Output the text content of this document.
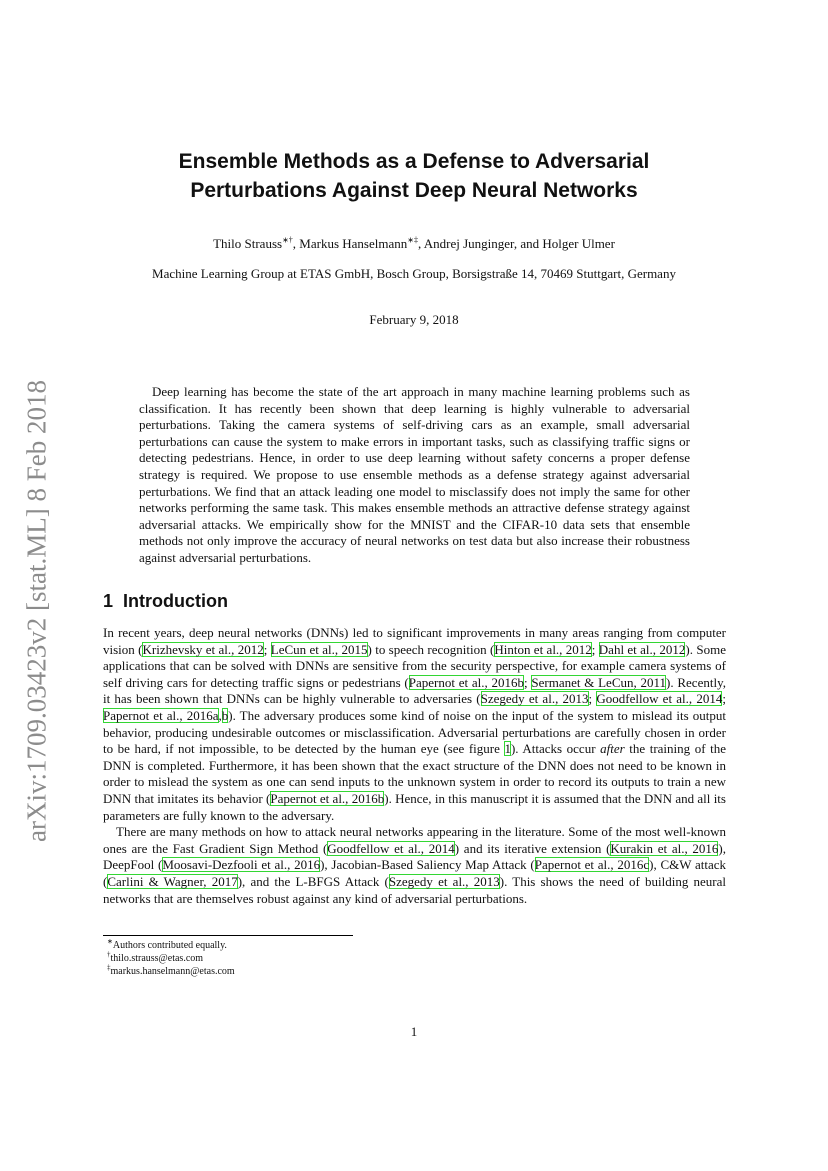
arXiv:1709.03423v2 [stat.ML] 8 Feb 2018
Ensemble Methods as a Defense to Adversarial Perturbations Against Deep Neural Networks
Thilo Strauss∗†, Markus Hanselmann∗‡, Andrej Junginger, and Holger Ulmer
Machine Learning Group at ETAS GmbH, Bosch Group, Borsigstraße 14, 70469 Stuttgart, Germany
February 9, 2018

Deep learning has become the state of the art approach in many machine learning problems such as classification. It has recently been shown that deep learning is highly vulnerable to adversarial perturbations. Taking the camera systems of self-driving cars as an example, small adversarial perturbations can cause the system to make errors in important tasks, such as classifying traffic signs or detecting pedestrians. Hence, in order to use deep learning without safety concerns a proper defense strategy is required. We propose to use ensemble methods as a defense strategy against adversarial perturbations. We find that an attack leading one model to misclassify does not imply the same for other networks performing the same task. This makes ensemble methods an attractive defense strategy against adversarial attacks. We empirically show for the MNIST and the CIFAR-10 data sets that ensemble methods not only improve the accuracy of neural networks on test data but also increase their robustness against adversarial perturbations.

1 Introduction

In recent years, deep neural networks (DNNs) led to significant improvements in many areas ranging from computer vision (Krizhevsky et al., 2012; LeCun et al., 2015) to speech recognition (Hinton et al., 2012; Dahl et al., 2012). Some applications that can be solved with DNNs are sensitive from the security perspective, for example camera systems of self driving cars for detecting traffic signs or pedestrians (Papernot et al., 2016b; Sermanet & LeCun, 2011). Recently, it has been shown that DNNs can be highly vulnerable to adversaries (Szegedy et al., 2013; Goodfellow et al., 2014; Papernot et al., 2016a,b). The adversary produces some kind of noise on the input of the system to mislead its output behavior, producing undesirable outcomes or misclassification. Adversarial perturbations are carefully chosen in order to be hard, if not impossible, to be detected by the human eye (see figure 1). Attacks occur after the training of the DNN is completed. Furthermore, it has been shown that the exact structure of the DNN does not need to be known in order to mislead the system as one can send inputs to the unknown system in order to record its outputs to train a new DNN that imitates its behavior (Papernot et al., 2016b). Hence, in this manuscript it is assumed that the DNN and all its parameters are fully known to the adversary.

There are many methods on how to attack neural networks appearing in the literature. Some of the most well-known ones are the Fast Gradient Sign Method (Goodfellow et al., 2014) and its iterative extension (Kurakin et al., 2016), DeepFool (Moosavi-Dezfooli et al., 2016), Jacobian-Based Saliency Map Attack (Papernot et al., 2016c), C&W attack (Carlini & Wagner, 2017), and the L-BFGS Attack (Szegedy et al., 2013). This shows the need of building neural networks that are themselves robust against any kind of adversarial perturbations.

∗Authors contributed equally.
†thilo.strauss@etas.com
‡markus.hanselmann@etas.com
1
